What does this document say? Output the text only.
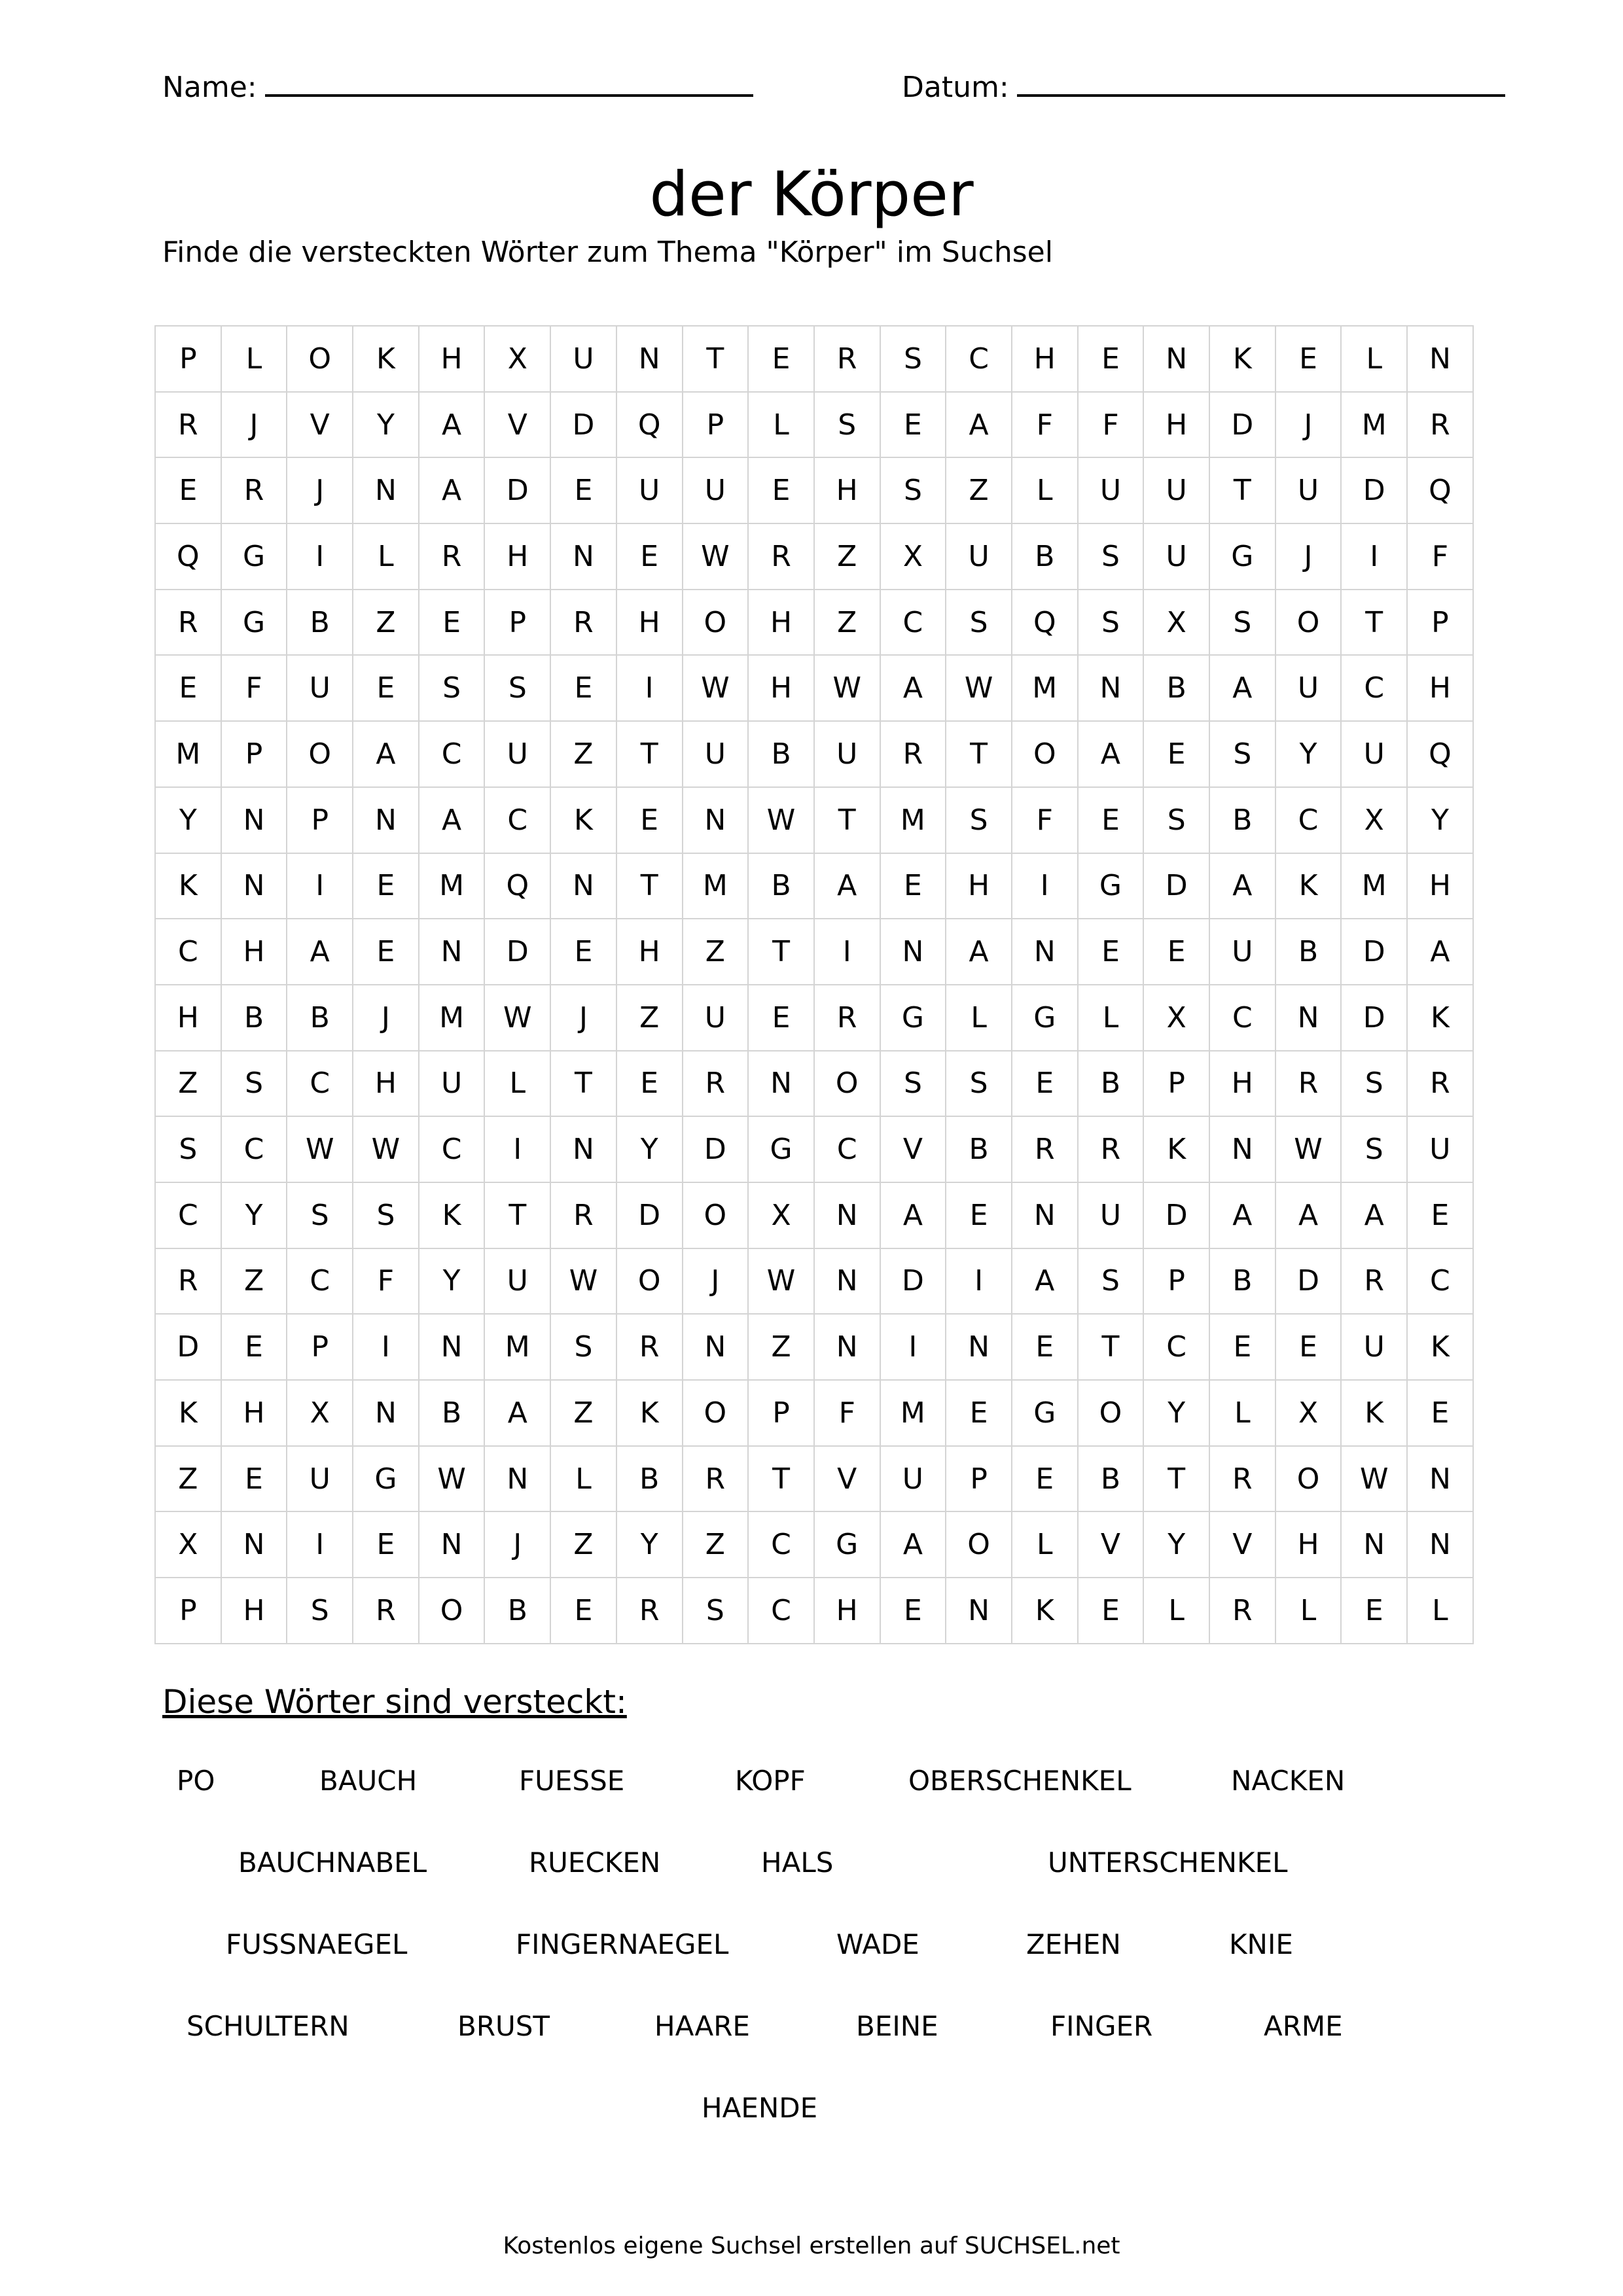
Name:	Datum:
der Körper
Finde die versteckten Wörter zum Thema "Körper" im Suchsel
P	L	O	K	H	X	U	N	T	E	R	S	C	H	E	N	K	E	L	N
R	J	V	Y	A	V	D	Q	P	L	S	E	A	F	F	H	D	J	M	R
E	R	J	N	A	D	E	U	U	E	H	S	Z	L	U	U	T	U	D	Q
Q	G	I	L	R	H	N	E	W	R	Z	X	U	B	S	U	G	J	I	F
R	G	B	Z	E	P	R	H	O	H	Z	C	S	Q	S	X	S	O	T	P
E	F	U	E	S	S	E	I	W	H	W	A	W	M	N	B	A	U	C	H
M	P	O	A	C	U	Z	T	U	B	U	R	T	O	A	E	S	Y	U	Q
Y	N	P	N	A	C	K	E	N	W	T	M	S	F	E	S	B	C	X	Y
K	N	I	E	M	Q	N	T	M	B	A	E	H	I	G	D	A	K	M	H
C	H	A	E	N	D	E	H	Z	T	I	N	A	N	E	E	U	B	D	A
H	B	B	J	M	W	J	Z	U	E	R	G	L	G	L	X	C	N	D	K
Z	S	C	H	U	L	T	E	R	N	O	S	S	E	B	P	H	R	S	R
S	C	W	W	C	I	N	Y	D	G	C	V	B	R	R	K	N	W	S	U
C	Y	S	S	K	T	R	D	O	X	N	A	E	N	U	D	A	A	A	E
R	Z	C	F	Y	U	W	O	J	W	N	D	I	A	S	P	B	D	R	C
D	E	P	I	N	M	S	R	N	Z	N	I	N	E	T	C	E	E	U	K
K	H	X	N	B	A	Z	K	O	P	F	M	E	G	O	Y	L	X	K	E
Z	E	U	G	W	N	L	B	R	T	V	U	P	E	B	T	R	O	W	N
X	N	I	E	N	J	Z	Y	Z	C	G	A	O	L	V	Y	V	H	N	N
P	H	S	R	O	B	E	R	S	C	H	E	N	K	E	L	R	L	E	L
Diese Wörter sind versteckt:
PO	BAUCH	FUESSE	KOPF	OBERSCHENKEL	NACKEN
BAUCHNABEL	RUECKEN	HALS	UNTERSCHENKEL
FUSSNAEGEL	FINGERNAEGEL	WADE	ZEHEN	KNIE
SCHULTERN	BRUST	HAARE	BEINE	FINGER	ARME
HAENDE
Kostenlos eigene Suchsel erstellen auf SUCHSEL.net
